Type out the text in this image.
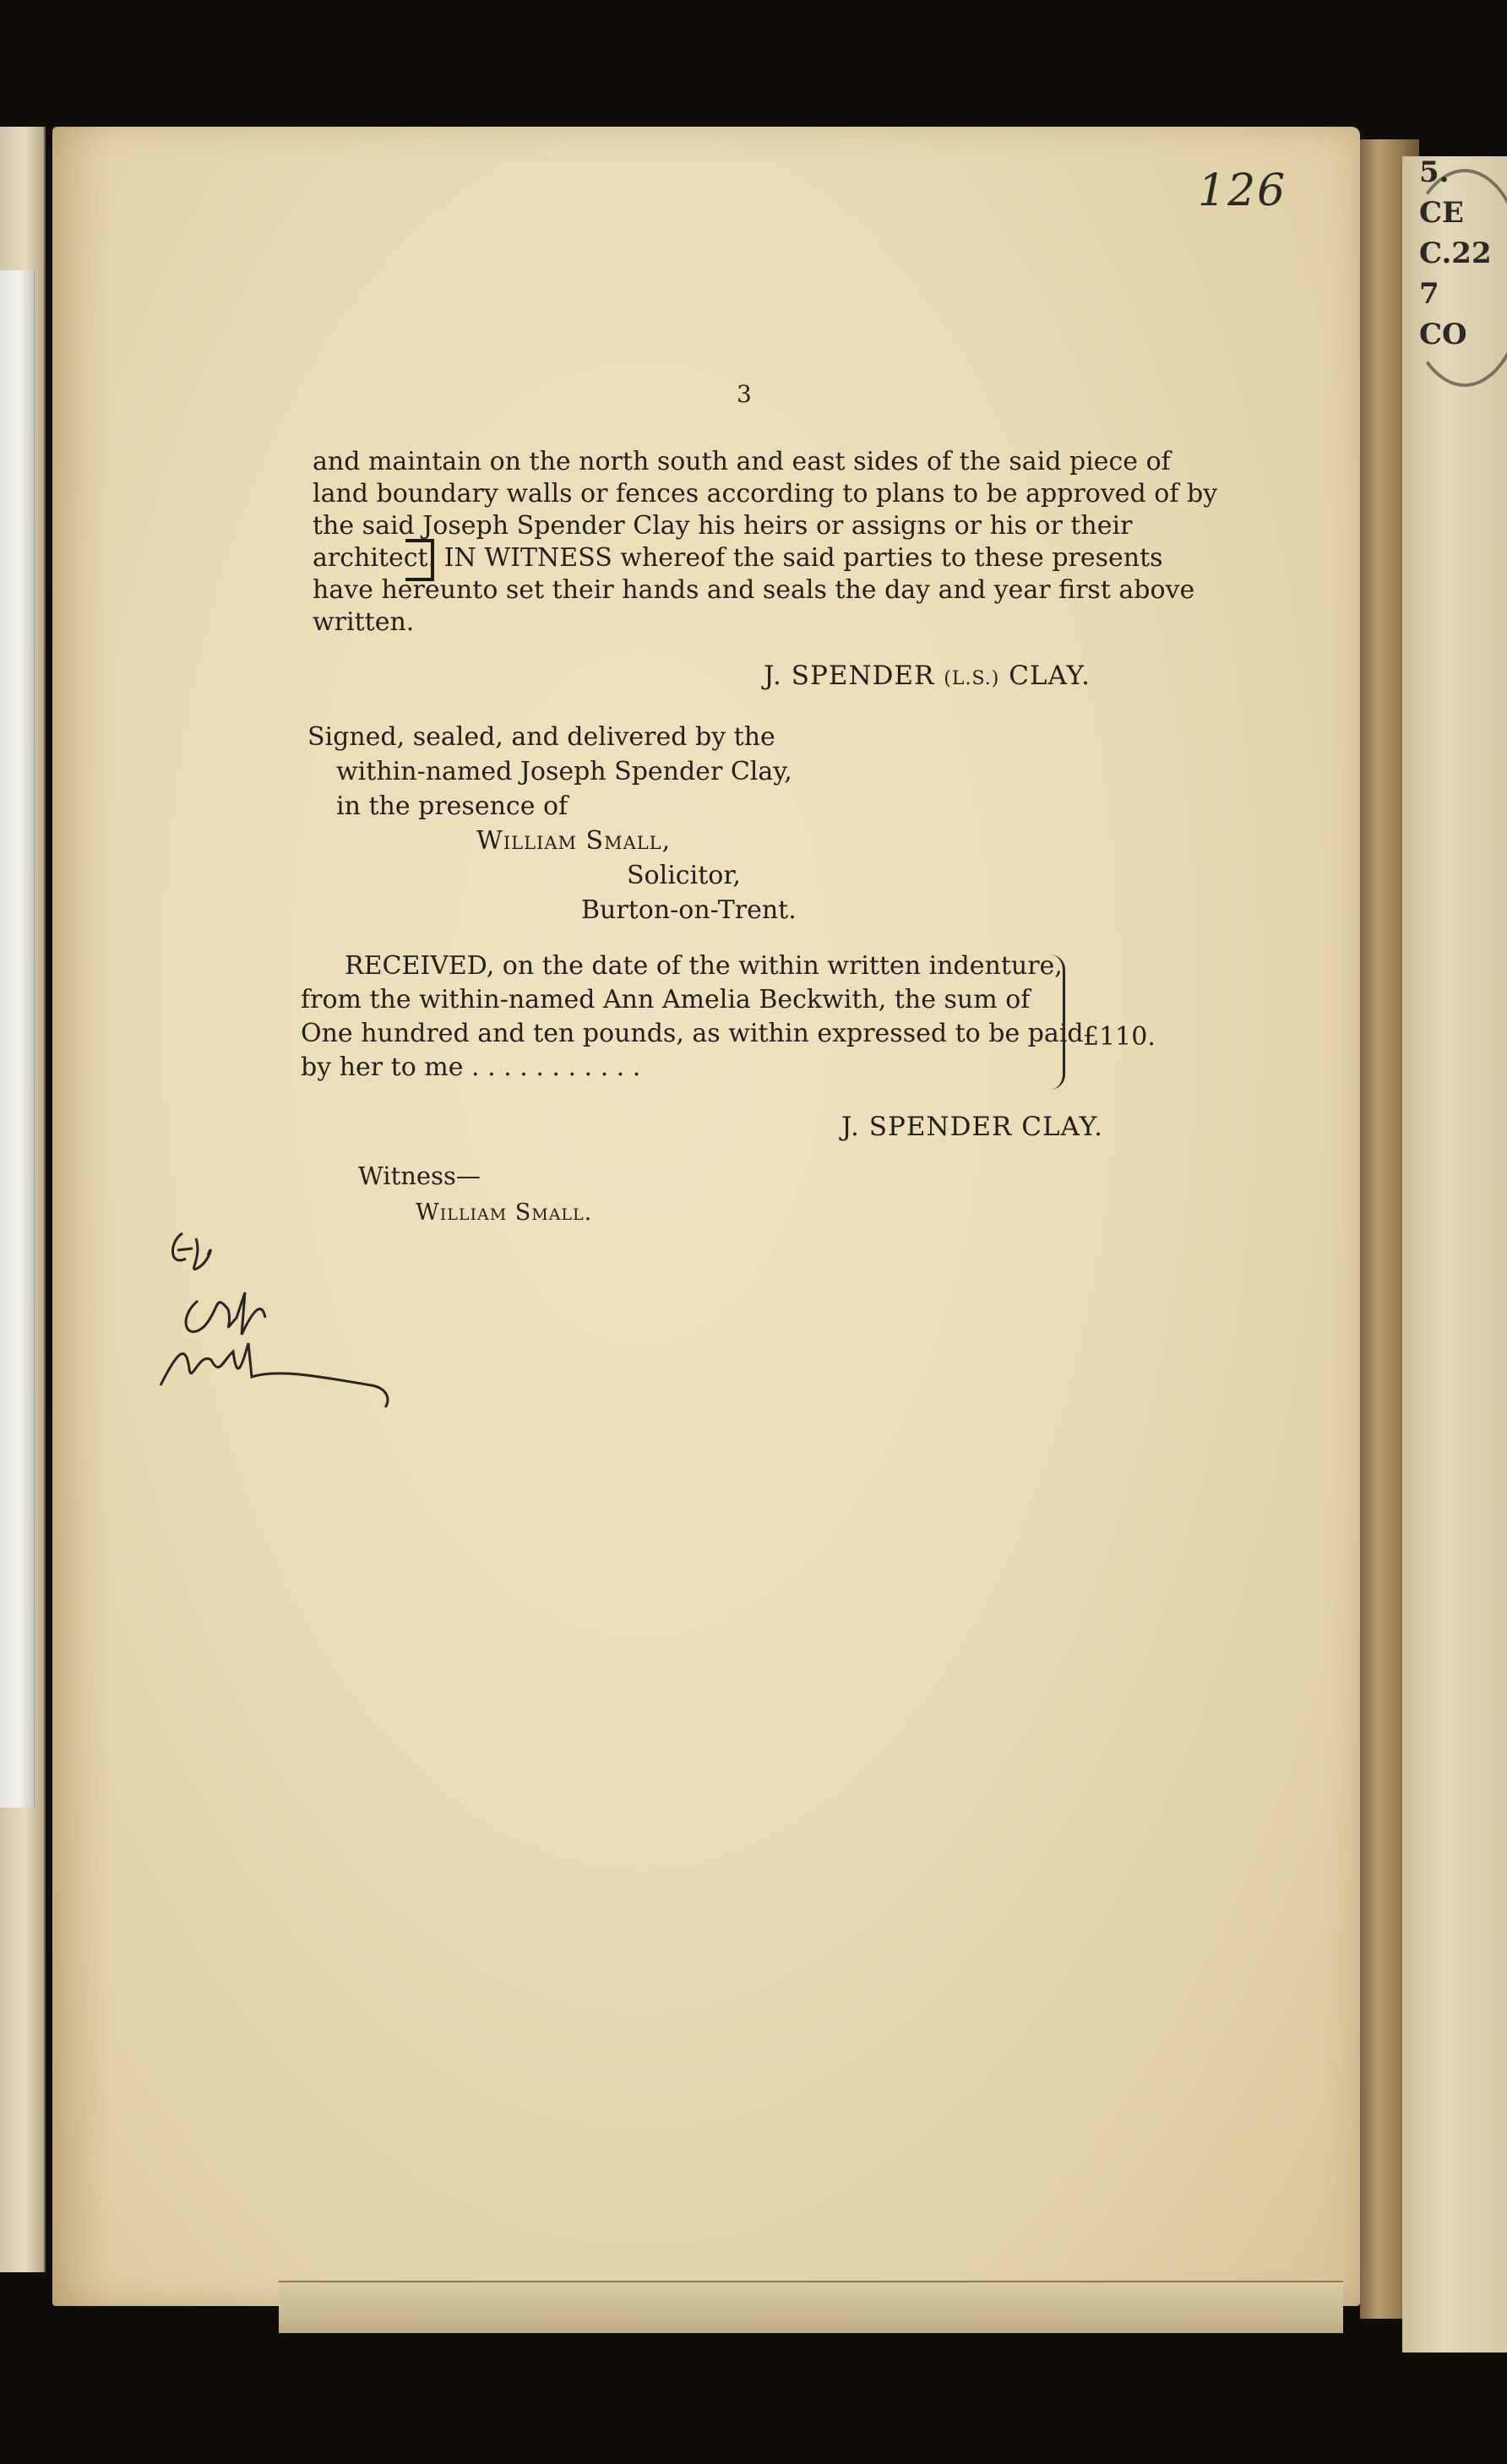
5.
CE
C.22
7
CO
126
3
and maintain on the north south and east sides of the said piece of
land boundary walls or fences according to plans to be approved of by
the said Joseph Spender Clay his heirs or assigns or his or their
architect. IN WITNESS whereof the said parties to these presents
have hereunto set their hands and seals the day and year first above
written.
J. SPENDER (L.S.) CLAY.
Signed, sealed, and delivered by the
within-named Joseph Spender Clay,
in the presence of
William Small,
Solicitor,
Burton-on-Trent.
RECEIVED, on the date of the within written indenture,
from the within-named Ann Amelia Beckwith, the sum of
One hundred and ten pounds, as within expressed to be paid
by her to me . . . . . . . . . . .
£110.
J. SPENDER CLAY.
Witness—
William Small.
